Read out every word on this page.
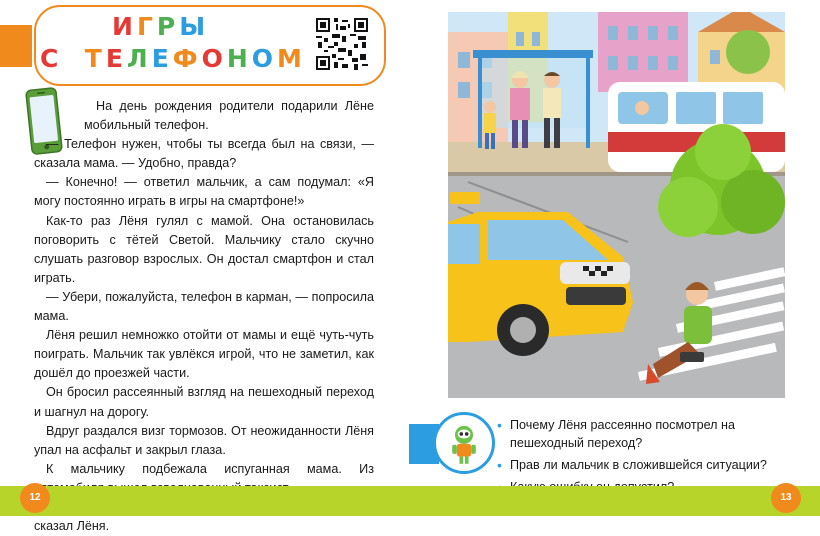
И Г Р Ы
С Т Е Л Е Ф О Н О М

На день рождения родители подарили Лёне мобильный телефон.

— Телефон нужен, чтобы ты всегда был на связи, — сказала мама. — Удобно, правда?

— Конечно! — ответил мальчик, а сам подумал: «Я могу постоянно играть в игры на смартфоне!»

Как-то раз Лёня гулял с мамой. Она остановилась поговорить с тётей Светой. Мальчику стало скучно слушать разговор взрослых. Он достал смартфон и стал играть.

— Убери, пожалуйста, телефон в карман, — попросила мама.

Лёня решил немножко отойти от мамы и ещё чуть-чуть поиграть. Мальчик так увлёкся игрой, что не заметил, как дошёл до проезжей части.

Он бросил рассеянный взгляд на пешеходный переход и шагнул на дорогу.

Вдруг раздался визг тормозов. От неожиданности Лёня упал на асфальт и закрыл глаза.

К мальчику подбежала испуганная мама. Из

сказал Лёня.

• Почему Лёня рассеянно посмотрел на пешеходный переход?
• Прав ли мальчик в сложившейся ситуации?
12	13
